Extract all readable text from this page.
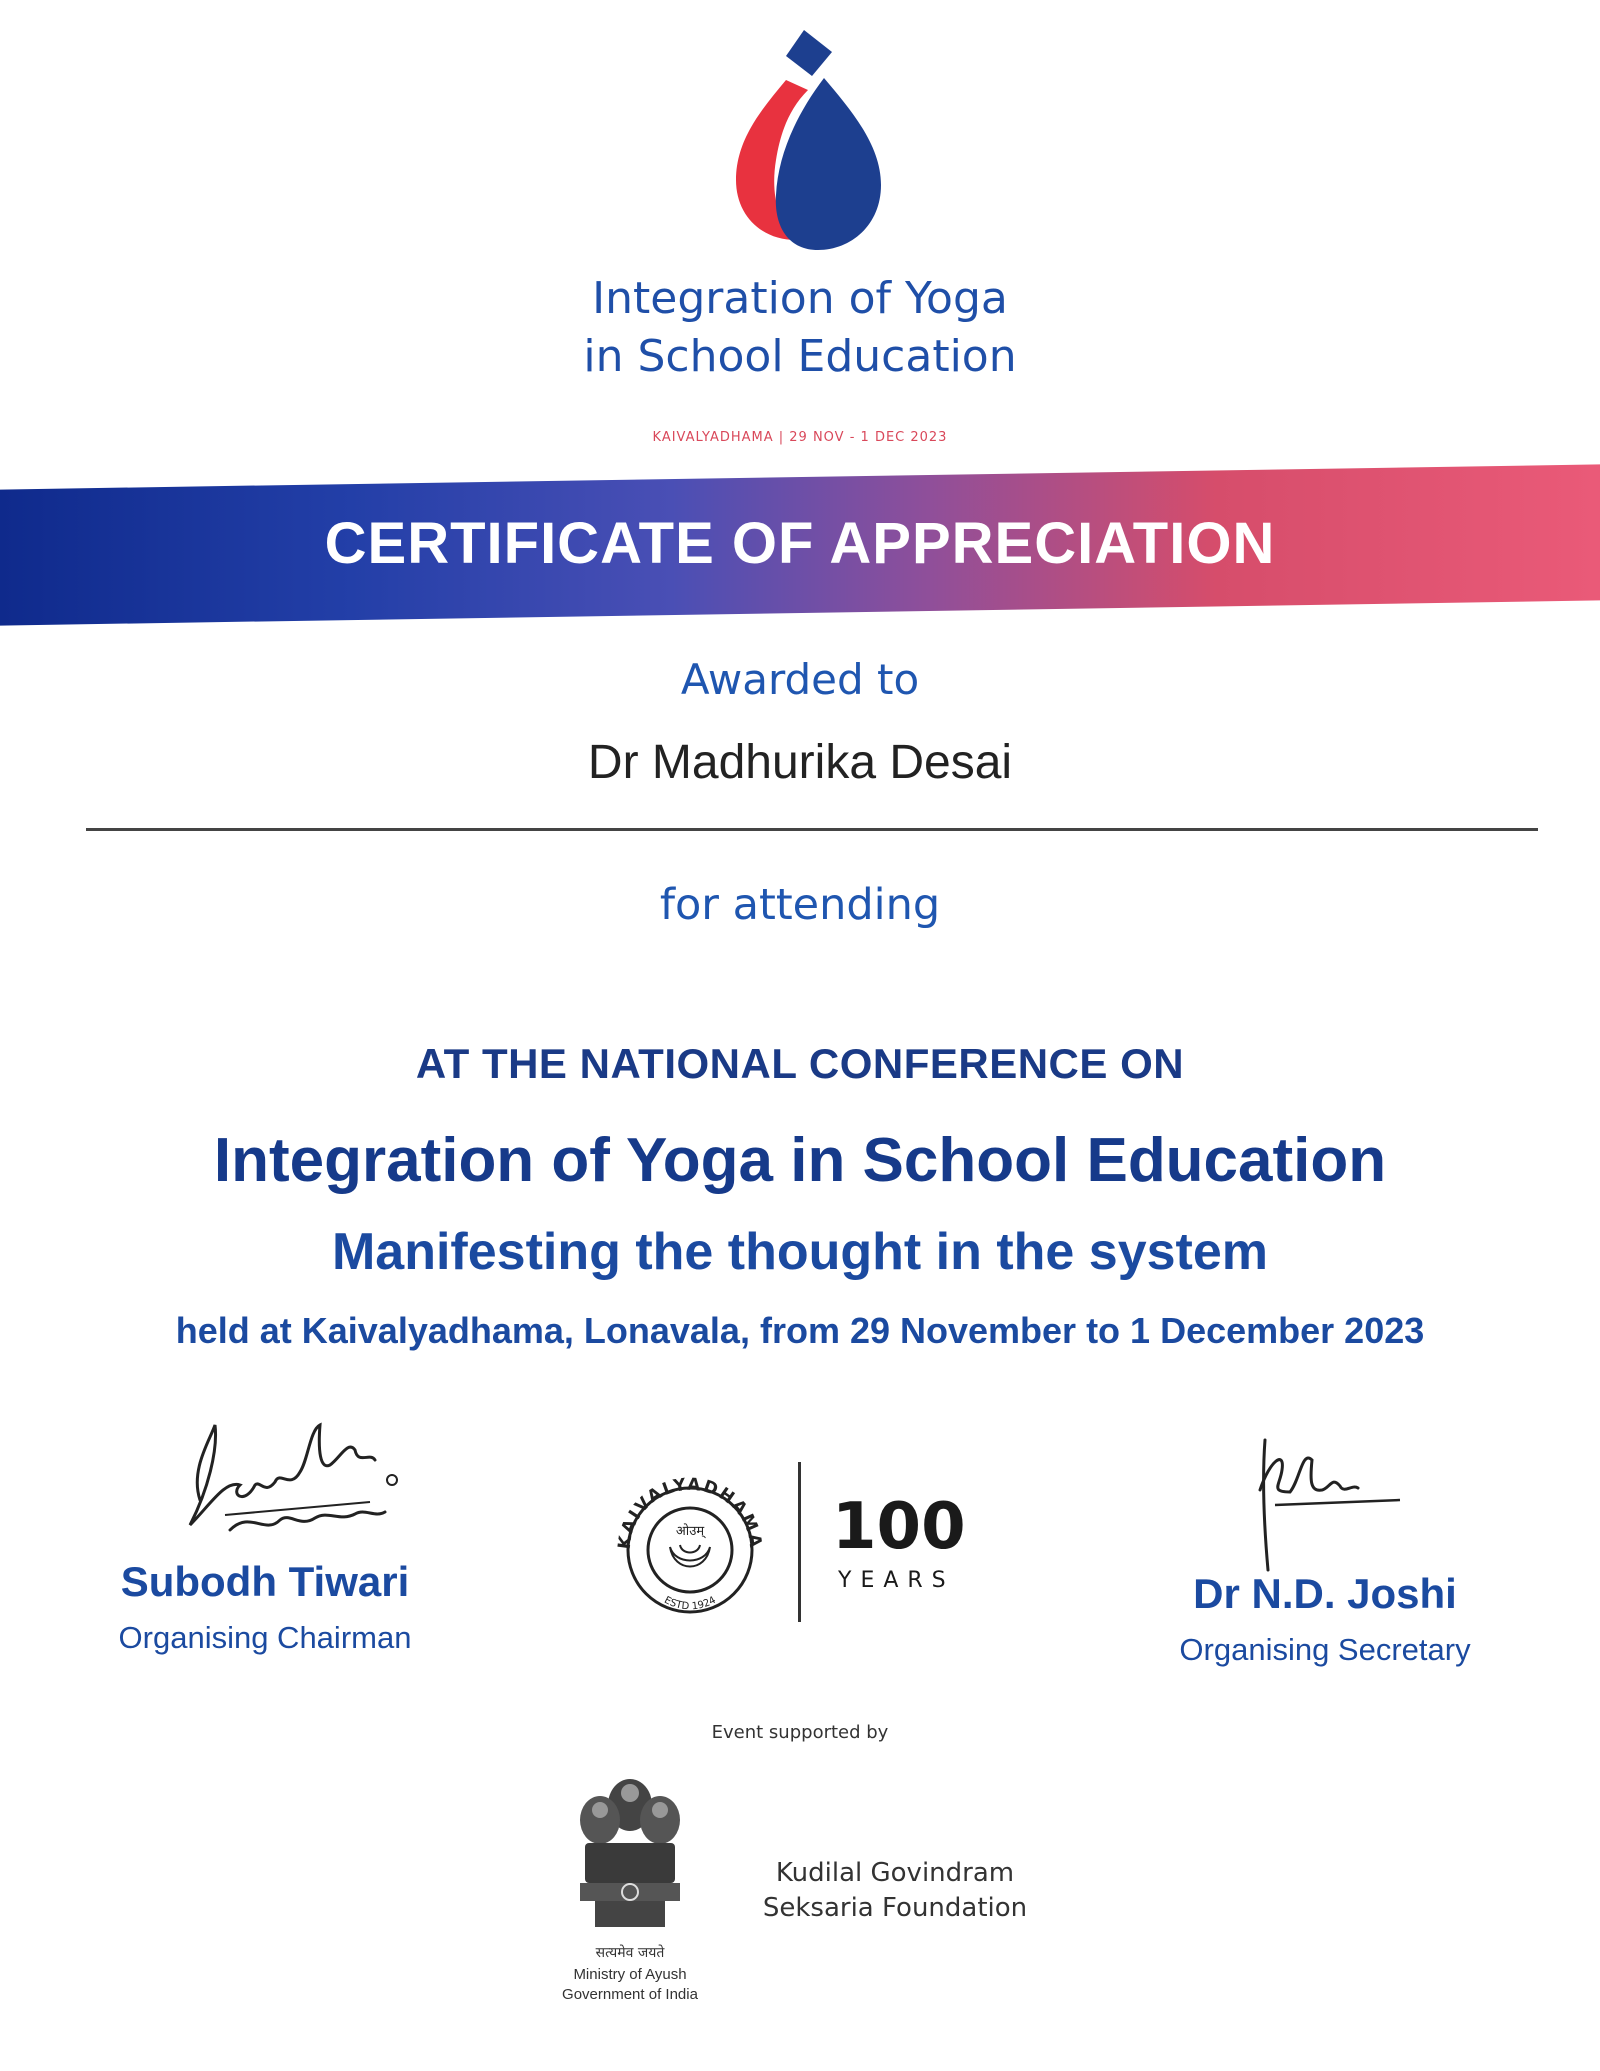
Integration of Yoga
in School Education
KAIVALYADHAMA | 29 NOV - 1 DEC 2023
CERTIFICATE OF APPRECIATION
Awarded to
Dr Madhurika Desai
for attending
AT THE NATIONAL CONFERENCE ON
Integration of Yoga in School Education
Manifesting the thought in the system
held at Kaivalyadhama, Lonavala, from 29 November to 1 December 2023
Subodh Tiwari
Organising Chairman
KAIVALYADHAMA
ओउम्
ESTD 1924
100
YEARS	Dr N.D. Joshi
Organising Secretary
Event supported by
सत्यमेव जयते
Ministry of Ayush
Government of India
Kudilal Govindram
Seksaria Foundation
